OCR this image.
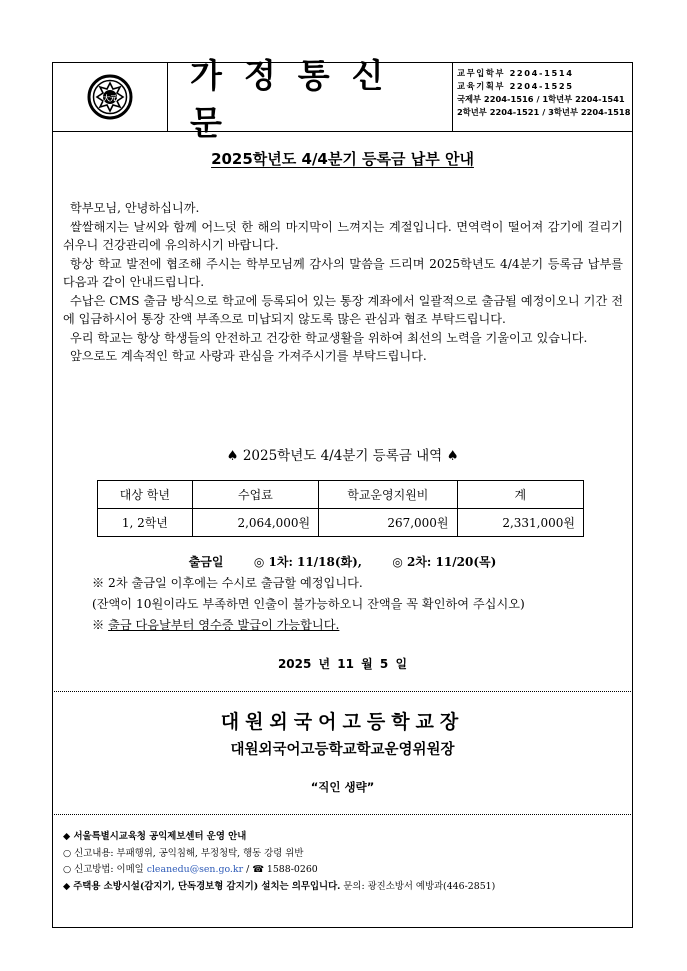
大元
가정통신문
교무입학부 2204-1514
교육기획부 2204-1525
국제부 2204-1516 / 1학년부 2204-1541
2학년부 2204-1521 / 3학년부 2204-1518
2025학년도 4/4분기 등록금 납부 안내

학부모님, 안녕하십니까.

쌀쌀해지는 날씨와 함께 어느덧 한 해의 마지막이 느껴지는 계절입니다. 면역력이 떨어져 감기에 걸리기 쉬우니 건강관리에 유의하시기 바랍니다.

항상 학교 발전에 협조해 주시는 학부모님께 감사의 말씀을 드리며 2025학년도 4/4분기 등록금 납부를 다음과 같이 안내드립니다.

수납은 CMS 출금 방식으로 학교에 등록되어 있는 통장 계좌에서 일괄적으로 출금될 예정이오니 기간 전에 입금하시어 통장 잔액 부족으로 미납되지 않도록 많은 관심과 협조 부탁드립니다.

우리 학교는 항상 학생들의 안전하고 건강한 학교생활을 위하여 최선의 노력을 기울이고 있습니다.

앞으로도 계속적인 학교 사랑과 관심을 가져주시기를 부탁드립니다.

♠ 2025학년도 4/4분기 등록금 내역 ♠
대상 학년	수업료	학교운영지원비	계
1, 2학년	2,064,000원	267,000원	2,331,000원
출금일	◎ 1차: 11/18(화),	◎ 2차: 11/20(목)
※ 2차 출금일 이후에는 수시로 출금할 예정입니다.
(잔액이 10원이라도 부족하면 인출이 불가능하오니 잔액을 꼭 확인하여 주십시오)
※ 출금 다음날부터 영수증 발급이 가능합니다.
2025 년 11 월 5 일
대원외국어고등학교장
대원외국어고등학교학교운영위원장
“직인 생략”
◆ 서울특별시교육청 공익제보센터 운영 안내
○ 신고내용: 부패행위, 공익침해, 부정청탁, 행동 강령 위반
○ 신고방법: 이메일 cleanedu@sen.go.kr / ☎ 1588-0260
◆ 주택용 소방시설(감지기, 단독경보형 감지기) 설치는 의무입니다. 문의: 광진소방서 예방과(446-2851)
